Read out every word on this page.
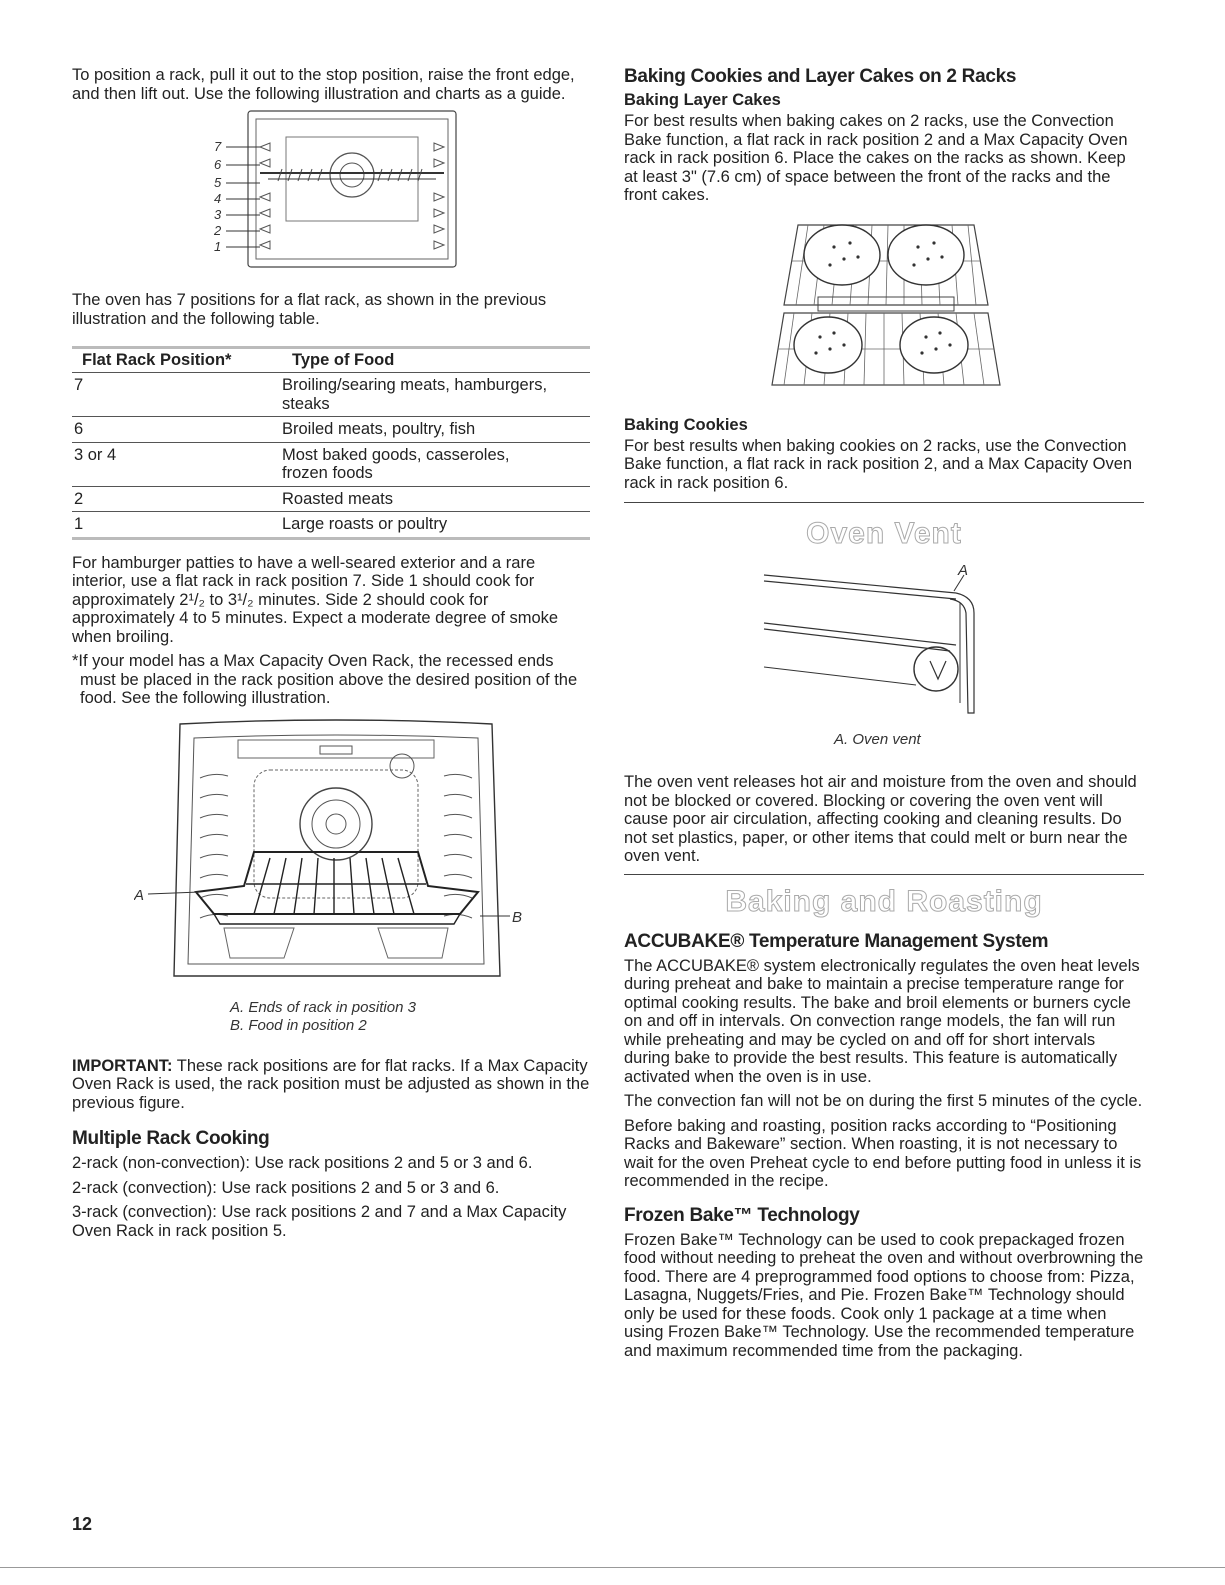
To position a rack, pull it out to the stop position, raise the front edge, and then lift out. Use the following illustration and charts as a guide.

7
6
5
4
3
2
1

The oven has 7 positions for a flat rack, as shown in the previous illustration and the following table.

Flat Rack Position*	Type of Food
7	Broiling/searing meats, hamburgers, steaks
6	Broiled meats, poultry, fish
3 or 4	Most baked goods, casseroles, frozen foods
2	Roasted meats
1	Large roasts or poultry

For hamburger patties to have a well-seared exterior and a rare interior, use a flat rack in rack position 7. Side 1 should cook for approximately 2¹/₂ to 3¹/₂ minutes. Side 2 should cook for approximately 4 to 5 minutes. Expect a moderate degree of smoke when broiling.

*If your model has a Max Capacity Oven Rack, the recessed ends must be placed in the rack position above the desired position of the food. See the following illustration.

A
B
A. Ends of rack in position 3
B. Food in position 2

IMPORTANT: These rack positions are for flat racks. If a Max Capacity Oven Rack is used, the rack position must be adjusted as shown in the previous figure.

Multiple Rack Cooking

2-rack (non-convection): Use rack positions 2 and 5 or 3 and 6.

2-rack (convection): Use rack positions 2 and 5 or 3 and 6.

3-rack (convection): Use rack positions 2 and 7 and a Max Capacity Oven Rack in rack position 5.

Baking Cookies and Layer Cakes on 2 Racks
Baking Layer Cakes

For best results when baking cakes on 2 racks, use the Convection Bake function, a flat rack in rack position 2 and a Max Capacity Oven rack in rack position 6. Place the cakes on the racks as shown. Keep at least 3" (7.6 cm) of space between the front of the racks and the front cakes.

Baking Cookies

For best results when baking cookies on 2 racks, use the Convection Bake function, a flat rack in rack position 2, and a Max Capacity Oven rack in rack position 6.

Oven Vent
A
A. Oven vent

The oven vent releases hot air and moisture from the oven and should not be blocked or covered. Blocking or covering the oven vent will cause poor air circulation, affecting cooking and cleaning results. Do not set plastics, paper, or other items that could melt or burn near the oven vent.

Baking and Roasting
ACCUBAKE® Temperature Management System

The ACCUBAKE® system electronically regulates the oven heat levels during preheat and bake to maintain a precise temperature range for optimal cooking results. The bake and broil elements or burners cycle on and off in intervals. On convection range models, the fan will run while preheating and may be cycled on and off for short intervals during bake to provide the best results. This feature is automatically activated when the oven is in use.

The convection fan will not be on during the first 5 minutes of the cycle.

Before baking and roasting, position racks according to “Positioning Racks and Bakeware” section. When roasting, it is not necessary to wait for the oven Preheat cycle to end before putting food in unless it is recommended in the recipe.

Frozen Bake™ Technology

Frozen Bake™ Technology can be used to cook prepackaged frozen food without needing to preheat the oven and without overbrowning the food. There are 4 preprogrammed food options to choose from: Pizza, Lasagna, Nuggets/Fries, and Pie. Frozen Bake™ Technology should only be used for these foods. Cook only 1 package at a time when using Frozen Bake™ Technology. Use the recommended temperature and maximum recommended time from the packaging.

12
